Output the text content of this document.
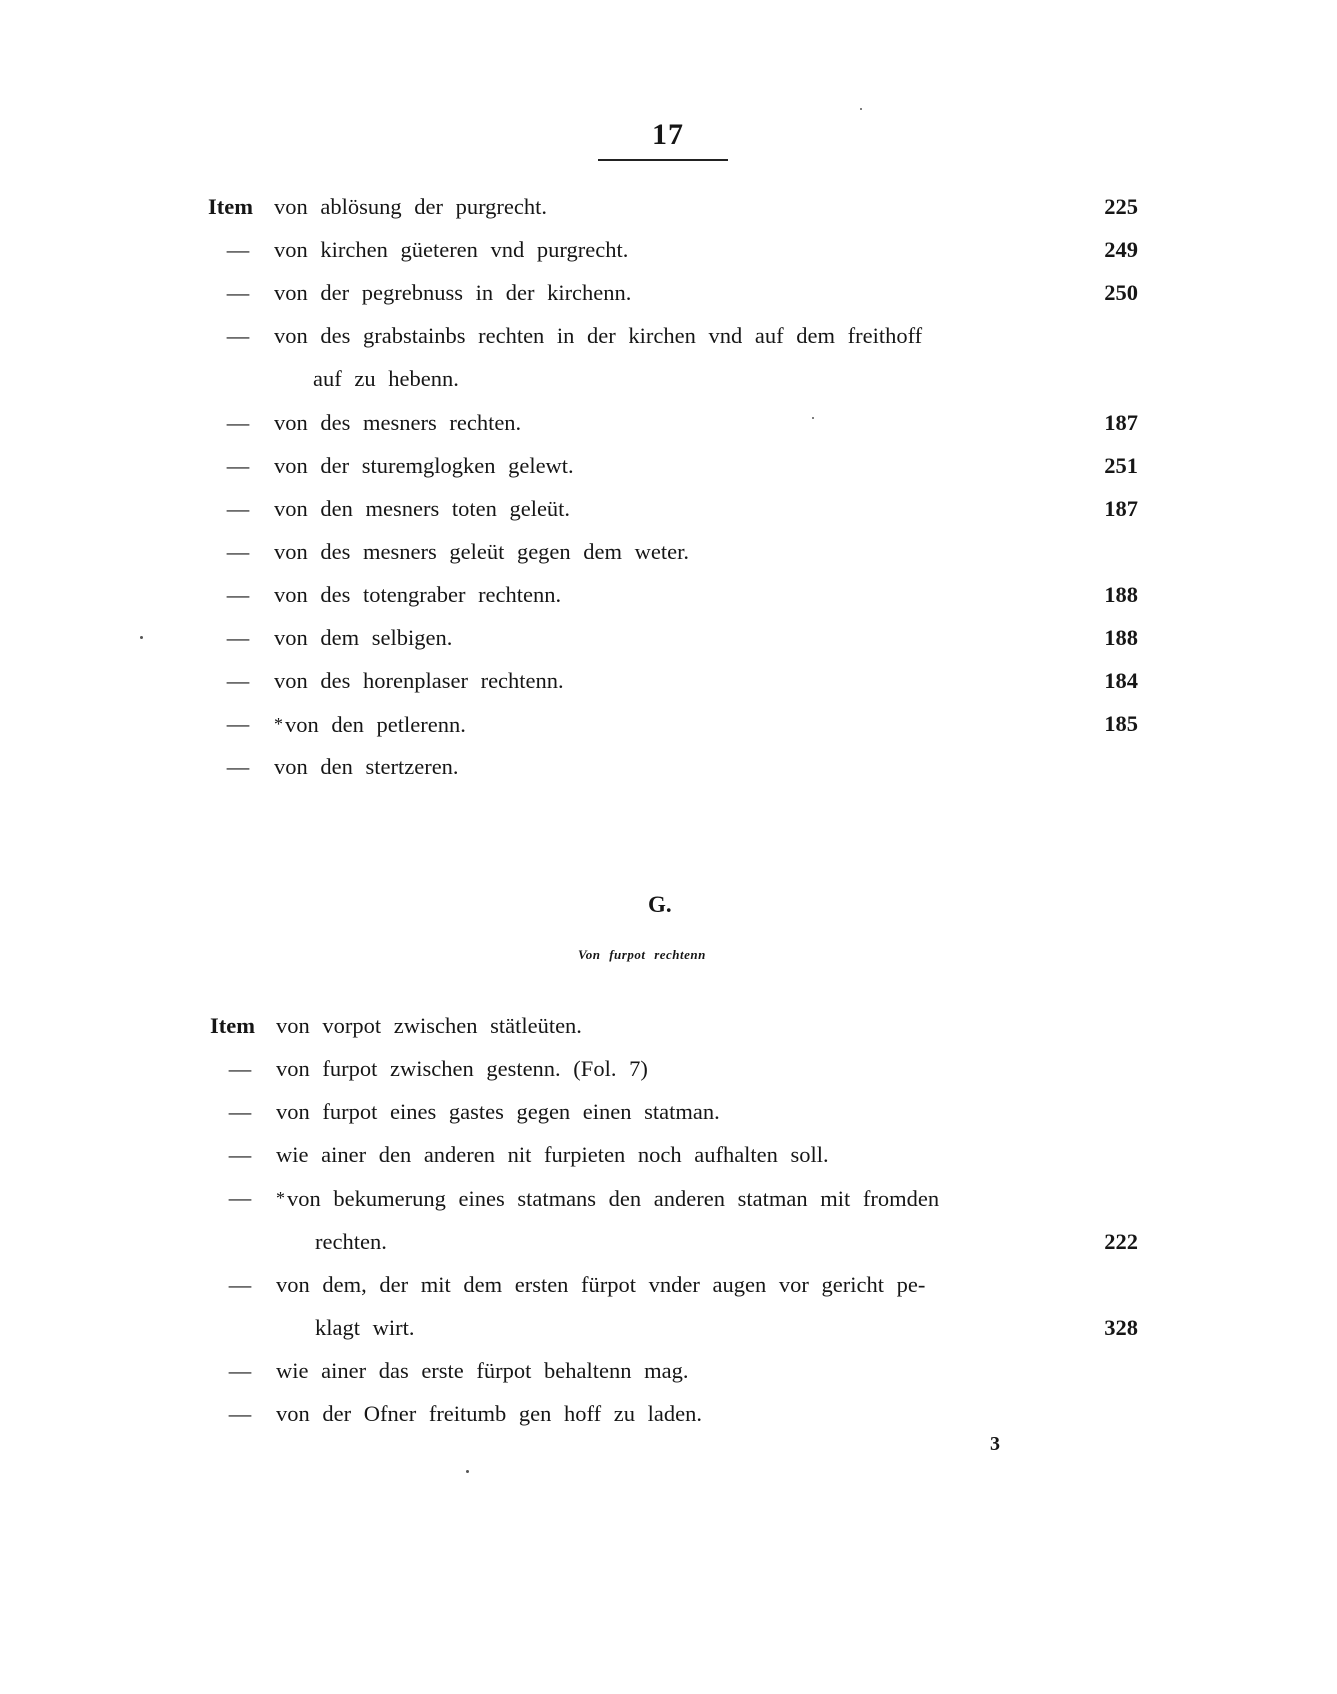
17
Item von ablösung der purgrecht.	225
—	von kirchen güeteren vnd purgrecht.	249
—	von der pegrebnuss in der kirchenn.	250
—	von des grabstainbs rechten in der kirchen vnd auf dem freithoff
auf zu hebenn.
—	von des mesners rechten.	187
—	von der sturemglogken gelewt.	251
—	von den mesners toten geleüt.	187
—	von des mesners geleüt gegen dem weter.
—	von des totengraber rechtenn.	188
—	von dem selbigen.	188
—	von des horenplaser rechtenn.	184
—	*von den petlerenn.	185
—	von den stertzeren.
G.
Von furpot rechtenn
Item von vorpot zwischen stätleüten.
—	von furpot zwischen gestenn. (Fol. 7)
—	von furpot eines gastes gegen einen statman.
—	wie ainer den anderen nit furpieten noch aufhalten soll.
—	*von bekumerung eines statmans den anderen statman mit fromden
rechten.	222
—	von dem, der mit dem ersten fürpot vnder augen vor gericht pe-
klagt wirt.	328
—	wie ainer das erste fürpot behaltenn mag.
—	von der Ofner freitumb gen hoff zu laden.
3
